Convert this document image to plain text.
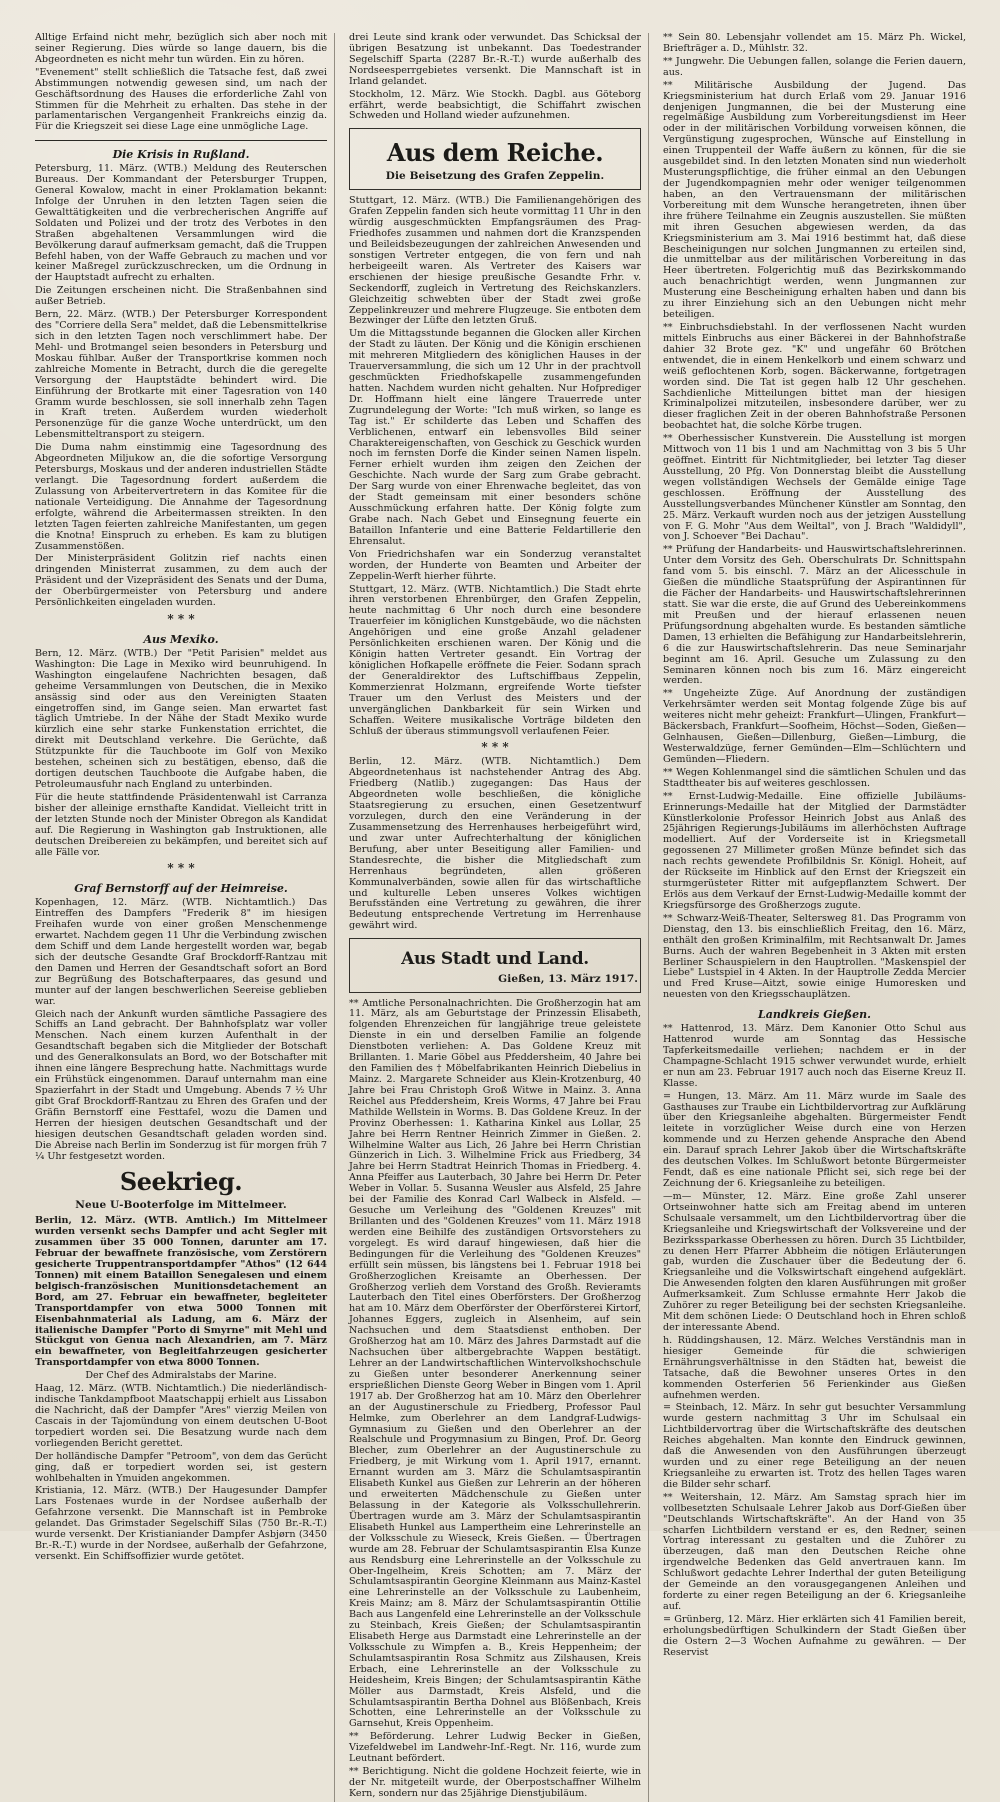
Alltige Erfaind nicht mehr, bezüglich sich aber noch mit seiner Regierung. Dies würde so lange dauern, bis die Abgeordneten es nicht mehr tun würden. Ein zu hören.

"Evenement" stellt schließlich die Tatsache fest, daß zwei Abstimmungen notwendig gewesen sind, um nach der Geschäftsordnung des Hauses die erforderliche Zahl von Stimmen für die Mehrheit zu erhalten. Das stehe in der parlamentarischen Vergangenheit Frankreichs einzig da. Für die Kriegszeit sei diese Lage eine unmögliche Lage.

Die Krisis in Rußland.

Petersburg, 11. März. (WTB.) Meldung des Reuterschen Bureaus. Der Kommandant der Petersburger Truppen, General Kowalow, macht in einer Proklamation bekannt: Infolge der Unruhen in den letzten Tagen seien die Gewalttätigkeiten und die verbrecherischen Angriffe auf Soldaten und Polizei und der trotz des Verbotes in den Straßen abgehaltenen Versammlungen wird die Bevölkerung darauf aufmerksam gemacht, daß die Truppen Befehl haben, von der Waffe Gebrauch zu machen und vor keiner Maßregel zurückzuschrecken, um die Ordnung in der Hauptstadt aufrecht zu erhalten.

Die Zeitungen erscheinen nicht. Die Straßenbahnen sind außer Betrieb.

Bern, 22. März. (WTB.) Der Petersburger Korrespondent des "Corriere della Sera" meldet, daß die Lebensmittelkrise sich in den letzten Tagen noch verschlimmert habe. Der Mehl- und Brotmangel seien besonders in Petersburg und Moskau fühlbar. Außer der Transportkrise kommen noch zahlreiche Momente in Betracht, durch die die geregelte Versorgung der Hauptstädte behindert wird. Die Einführung der Brotkarte mit einer Tagesration von 140 Gramm wurde beschlossen, sie soll innerhalb zehn Tagen in Kraft treten. Außerdem wurden wiederholt Personenzüge für die ganze Woche unterdrückt, um den Lebensmitteltransport zu steigern.

Die Duma nahm einstimmig eine Tagesordnung des Abgeordneten Miljukow an, die die sofortige Versorgung Petersburgs, Moskaus und der anderen industriellen Städte verlangt. Die Tagesordnung fordert außerdem die Zulassung von Arbeitervertretern in das Komitee für die nationale Verteidigung. Die Annahme der Tagesordnung erfolgte, während die Arbeitermassen streikten. In den letzten Tagen feierten zahlreiche Manifestanten, um gegen die Knotna! Einspruch zu erheben. Es kam zu blutigen Zusammenstößen.

Der Ministerpräsident Golitzin rief nachts einen dringenden Ministerrat zusammen, zu dem auch der Präsident und der Vizepräsident des Senats und der Duma, der Oberbürgermeister von Petersburg und andere Persönlichkeiten eingeladen wurden.

* * *
Aus Mexiko.

Bern, 12. März. (WTB.) Der "Petit Parisien" meldet aus Washington: Die Lage in Mexiko wird beunruhigend. In Washington eingelaufene Nachrichten besagen, daß geheime Versammlungen von Deutschen, die in Mexiko ansässig sind oder aus den Vereinigten Staaten eingetroffen sind, im Gange seien. Man erwartet fast täglich Umtriebe. In der Nähe der Stadt Mexiko wurde kürzlich eine sehr starke Funkenstation errichtet, die direkt mit Deutschland verkehre. Die Gerüchte, daß Stützpunkte für die Tauchboote im Golf von Mexiko bestehen, scheinen sich zu bestätigen, ebenso, daß die dortigen deutschen Tauchboote die Aufgabe haben, die Petroleumausfuhr nach England zu unterbinden.

Für die heute stattfindende Präsidentenwahl ist Carranza bisher der alleinige ernsthafte Kandidat. Vielleicht tritt in der letzten Stunde noch der Minister Obregon als Kandidat auf. Die Regierung in Washington gab Instruktionen, alle deutschen Dreibereien zu bekämpfen, und bereitet sich auf alle Fälle vor.

* * *
Graf Bernstorff auf der Heimreise.

Kopenhagen, 12. März. (WTB. Nichtamtlich.) Das Eintreffen des Dampfers "Frederik 8" im hiesigen Freihafen wurde von einer großen Menschenmenge erwartet. Nachdem gegen 11 Uhr die Verbindung zwischen dem Schiff und dem Lande hergestellt worden war, begab sich der deutsche Gesandte Graf Brockdorff-Rantzau mit den Damen und Herren der Gesandtschaft sofort an Bord zur Begrüßung des Botschafterpaares, das gesund und munter auf der langen beschwerlichen Seereise geblieben war.

Gleich nach der Ankunft wurden sämtliche Passagiere des Schiffs an Land gebracht. Der Bahnhofsplatz war voller Menschen. Nach einem kurzen Aufenthalt in der Gesandtschaft begaben sich die Mitglieder der Botschaft und des Generalkonsulats an Bord, wo der Botschafter mit ihnen eine längere Besprechung hatte. Nachmittags wurde ein Frühstück eingenommen. Darauf unternahm man eine Spazierfahrt in der Stadt und Umgebung. Abends 7 ½ Uhr gibt Graf Brockdorff-Rantzau zu Ehren des Grafen und der Gräfin Bernstorff eine Festtafel, wozu die Damen und Herren der hiesigen deutschen Gesandtschaft und der hiesigen deutschen Gesandtschaft geladen worden sind. Die Abreise nach Berlin im Sonderzug ist für morgen früh 7 ¼ Uhr festgesetzt worden.

Seekrieg.
Neue U-Booterfolge im Mittelmeer.

Berlin, 12. März. (WTB. Amtlich.) Im Mittelmeer wurden versenkt sechs Dampfer und acht Segler mit zusammen über 35 000 Tonnen, darunter am 17. Februar der bewaffnete französische, vom Zerstörern gesicherte Truppentransportdampfer "Athos" (12 644 Tonnen) mit einem Bataillon Senegalesen und einem belgisch-französischen Munitionsdetachement an Bord, am 27. Februar ein bewaffneter, begleiteter Transportdampfer von etwa 5000 Tonnen mit Eisenbahnmaterial als Ladung, am 6. März der italienische Dampfer "Porto di Smyrne" mit Mehl und Stückgut von Genua nach Alexandrien, am 7. März ein bewaffneter, von Begleitfahrzeugen gesicherter Transportdampfer von etwa 8000 Tonnen.

Der Chef des Admiralstabs der Marine.

Haag, 12. März. (WTB. Nichtamtlich.) Die niederländisch-indische Tankdampfboot Maatschappij erhielt aus Lissabon die Nachricht, daß der Dampfer "Ares" vierzig Meilen von Cascais in der Tajomündung von einem deutschen U-Boot torpediert worden sei. Die Besatzung wurde nach dem vorliegenden Bericht gerettet.

Der holländische Dampfer "Petroom", von dem das Gerücht ging, daß er torpediert worden sei, ist gestern wohlbehalten in Ymuiden angekommen.

Kristiania, 12. März. (WTB.) Der Haugesunder Dampfer Lars Fostenaes wurde in der Nordsee außerhalb der Gefahrzone versenkt. Die Mannschaft ist in Pembroke gelandet. Das Grimstader Segelschiff Silas (750 Br.-R.-T.) wurde versenkt. Der Kristianiander Dampfer Asbjørn (3450 Br.-R.-T.) wurde in der Nordsee, außerhalb der Gefahrzone, versenkt. Ein Schiffsoffizier wurde getötet.

drei Leute sind krank oder verwundet. Das Schicksal der übrigen Besatzung ist unbekannt. Das Toedestrander Segelschiff Sparta (2287 Br.-R.-T.) wurde außerhalb des Nordseesperrgebietes versenkt. Die Mannschaft ist in Irland gelandet.

Stockholm, 12. März. Wie Stockh. Dagbl. aus Göteborg erfährt, werde beabsichtigt, die Schiffahrt zwischen Schweden und Holland wieder aufzunehmen.

Aus dem Reiche.
Die Beisetzung des Grafen Zeppelin.

Stuttgart, 12. März. (WTB.) Die Familienangehörigen des Grafen Zeppelin fanden sich heute vormittag 11 Uhr in den würdig ausgeschmückten Empfangsräumen des Prag-Friedhofes zusammen und nahmen dort die Kranzspenden und Beileidsbezeugungen der zahlreichen Anwesenden und sonstigen Vertreter entgegen, die von fern und nah herbeigeeilt waren. Als Vertreter des Kaisers war erschienen der hiesige preußische Gesandte Frhr. v. Seckendorff, zugleich in Vertretung des Reichskanzlers. Gleichzeitig schwebten über der Stadt zwei große Zeppelinkreuzer und mehrere Flugzeuge. Sie entboten dem Bezwinger der Lüfte den letzten Gruß.

Um die Mittagsstunde begannen die Glocken aller Kirchen der Stadt zu läuten. Der König und die Königin erschienen mit mehreren Mitgliedern des königlichen Hauses in der Trauerversammlung, die sich um 12 Uhr in der prachtvoll geschmückten Friedhofskapelle zusammengefunden hatten. Nachdem wurden nicht gehalten. Nur Hofprediger Dr. Hoffmann hielt eine längere Trauerrede unter Zugrundelegung der Worte: "Ich muß wirken, so lange es Tag ist." Er schilderte das Leben und Schaffen des Verblichenen, entwarf ein lebensvolles Bild seiner Charaktereigenschaften, von Geschick zu Geschick wurden noch im fernsten Dorfe die Kinder seinen Namen lispeln. Ferner erhielt wurden ihm zeigen den Zeichen der Geschichte. Nach wurde der Sarg zum Grabe gebracht. Der Sarg wurde von einer Ehrenwache begleitet, das von der Stadt gemeinsam mit einer besonders schöne Ausschmückung erfahren hatte. Der König folgte zum Grabe nach. Nach Gebet und Einsegnung feuerte ein Bataillon Infanterie und eine Batterie Feldartillerie den Ehrensalut.

Von Friedrichshafen war ein Sonderzug veranstaltet worden, der Hunderte von Beamten und Arbeiter der Zeppelin-Werft hierher führte.

Stuttgart, 12. März. (WTB. Nichtamtlich.) Die Stadt ehrte ihren verstorbenen Ehrenbürger, den Grafen Zeppelin, heute nachmittag 6 Uhr noch durch eine besondere Trauerfeier im königlichen Kunstgebäude, wo die nächsten Angehörigen und eine große Anzahl geladener Persönlichkeiten erschienen waren. Der König und die Königin hatten Vertreter gesandt. Ein Vortrag der königlichen Hofkapelle eröffnete die Feier. Sodann sprach der Generaldirektor des Luftschiffbaus Zeppelin, Kommerzienrat Holzmann, ergreifende Worte tiefster Trauer um den Verlust des Meisters und der unvergänglichen Dankbarkeit für sein Wirken und Schaffen. Weitere musikalische Vorträge bildeten den Schluß der überaus stimmungsvoll verlaufenen Feier.

* * *

Berlin, 12. März. (WTB. Nichtamtlich.) Dem Abgeordnetenhaus ist nachstehender Antrag des Abg. Friedberg (Natlib.) zugegangen: Das Haus der Abgeordneten wolle beschließen, die königliche Staatsregierung zu ersuchen, einen Gesetzentwurf vorzulegen, durch den eine Veränderung in der Zusammensetzung des Herrenhauses herbeigeführt wird, und zwar unter Aufrechterhaltung der königlichen Berufung, aber unter Beseitigung aller Familien- und Standesrechte, die bisher die Mitgliedschaft zum Herrenhaus begründeten, allen größeren Kommunalverbänden, sowie allen für das wirtschaftliche und kulturelle Leben unseres Volkes wichtigen Berufsständen eine Vertretung zu gewähren, die ihrer Bedeutung entsprechende Vertretung im Herrenhause gewährt wird.

Aus Stadt und Land.
Gießen, 13. März 1917.

** Amtliche Personalnachrichten. Die Großherzogin hat am 11. März, als am Geburtstage der Prinzessin Elisabeth, folgenden Ehrenzeichen für langjährige treue geleistete Dienste in ein und derselben Familie an folgende Dienstboten verliehen: A. Das Goldene Kreuz mit Brillanten. 1. Marie Göbel aus Pfeddersheim, 40 Jahre bei den Familien des † Möbelfabrikanten Heinrich Diebelius in Mainz. 2. Margarete Schneider aus Klein-Krotzenburg, 40 Jahre bei Frau Christoph Groß Witwe in Mainz. 3. Anna Reichel aus Pfeddersheim, Kreis Worms, 47 Jahre bei Frau Mathilde Wellstein in Worms. B. Das Goldene Kreuz. In der Provinz Oberhessen: 1. Katharina Kinkel aus Lollar, 25 Jahre bei Herrn Rentner Heinrich Zimmer in Gießen. 2. Wilhelmine Walter aus Lich, 26 Jahre bei Herrn Christian Günzerich in Lich. 3. Wilhelmine Frick aus Friedberg, 34 Jahre bei Herrn Stadtrat Heinrich Thomas in Friedberg. 4. Anna Pfeiffer aus Lauterbach, 30 Jahre bei Herrn Dr. Peter Weber in Vollar. 5. Susanna Weusler aus Alsfeld, 25 Jahre bei der Familie des Konrad Carl Walbeck in Alsfeld. — Gesuche um Verleihung des "Goldenen Kreuzes" mit Brillanten und des "Goldenen Kreuzes" vom 11. März 1918 werden eine Beihilfe des zuständigen Ortsvorstehers zu vorgelegt. Es wird darauf hingewiesen, daß hier die Bedingungen für die Verleihung des "Goldenen Kreuzes" erfüllt sein müssen, bis längstens bei 1. Februar 1918 bei Großherzoglichen Kreisamte an Oberhessen. Der Großherzog verlieh dem Vorstand des Großh. Revieramts Lauterbach den Titel eines Oberförsters. Der Großherzog hat am 10. März dem Oberförster der Oberförsterei Kirtorf, Johannes Eggers, zugleich in Alsenheim, auf sein Nachsuchen und dem Staatsdienst enthoben. Der Großherzog hat am 10. März des Jahres Darmstadt auf die Nachsuchen über altbergebrachte Wappen bestätigt. Lehrer an der Landwirtschaftlichen Wintervolkshochschule zu Gießen unter besonderer Anerkennung seiner ersprießlichen Dienste Georg Weber in Bingen vom 1. April 1917 ab. Der Großherzog hat am 10. März den Oberlehrer an der Augustinerschule zu Friedberg, Professor Paul Helmke, zum Oberlehrer an dem Landgraf-Ludwigs-Gymnasium zu Gießen und den Oberlehrer an der Realschule und Progymnasium zu Bingen, Prof. Dr. Georg Blecher, zum Oberlehrer an der Augustinerschule zu Friedberg, je mit Wirkung vom 1. April 1917, ernannt. Ernannt wurden am 3. März die Schulamtsaspirantin Elisabeth Kunkel aus Gießen zur Lehrerin an der höheren und erweiterten Mädchenschule zu Gießen unter Belassung in der Kategorie als Volksschullehrerin. Übertragen wurde am 3. März der Schulamtsaspirantin Elisabeth Hunkel aus Lampertheim eine Lehrerinstelle an der Volksschule zu Wieseck, Kreis Gießen. — Übertragen wurde am 28. Februar der Schulamtsaspirantin Elsa Kunze aus Rendsburg eine Lehrerinstelle an der Volksschule zu Ober-Ingelheim, Kreis Schotten; am 7. März der Schulamtsaspirantin Georgine Kleinmann aus Mainz-Kastel eine Lehrerinstelle an der Volksschule zu Laubenheim, Kreis Mainz; am 8. März der Schulamtsaspirantin Ottilie Bach aus Langenfeld eine Lehrerinstelle an der Volksschule zu Steinbach, Kreis Gießen; der Schulamtsaspirantin Elisabeth Herge aus Darmstadt eine Lehrerinstelle an der Volksschule zu Wimpfen a. B., Kreis Heppenheim; der Schulamtsaspirantin Rosa Schmitz aus Zilshausen, Kreis Erbach, eine Lehrerinstelle an der Volksschule zu Heidesheim, Kreis Bingen; der Schulamtsaspirantin Käthe Möller aus Darmstadt, Kreis Alsfeld, und die Schulamtsaspirantin Bertha Dohnel aus Blößenbach, Kreis Schotten, eine Lehrerinstelle an der Volksschule zu Garnsehut, Kreis Oppenheim.

** Beförderung. Lehrer Ludwig Becker in Gießen, Vizefeldwebel im Landwehr-Inf.-Regt. Nr. 116, wurde zum Leutnant befördert.

** Berichtigung. Nicht die goldene Hochzeit feierte, wie in der Nr. mitgeteilt wurde, der Oberpostschaffner Wilhelm Kern, sondern nur das 25jährige Dienstjubiläum.

** Sein 80. Lebensjahr vollendet am 15. März Ph. Wickel, Briefträger a. D., Mühlstr. 32.

** Jungwehr. Die Uebungen fallen, solange die Ferien dauern, aus.

** Militärische Ausbildung der Jugend. Das Kriegsministerium hat durch Erlaß vom 29. Januar 1916 denjenigen Jungmannen, die bei der Musterung eine regelmäßige Ausbildung zum Vorbereitungsdienst im Heer oder in der militärischen Vorbildung vorweisen können, die Vergünstigung zugesprochen, Wünsche auf Einstellung in einen Truppenteil der Waffe äußern zu können, für die sie ausgebildet sind. In den letzten Monaten sind nun wiederholt Musterungspflichtige, die früher einmal an den Uebungen der Jugendkompagnien mehr oder weniger teilgenommen haben, an den Vertrauensmann der militärischen Vorbereitung mit dem Wunsche herangetreten, ihnen über ihre frühere Teilnahme ein Zeugnis auszustellen. Sie müßten mit ihren Gesuchen abgewiesen werden, da das Kriegsministerium am 3. Mai 1916 bestimmt hat, daß diese Bescheinigungen nur solchen Jungmannen zu erteilen sind, die unmittelbar aus der militärischen Vorbereitung in das Heer übertreten. Folgerichtig muß das Bezirkskommando auch benachrichtigt werden, wenn Jungmannen zur Musterung eine Bescheinigung erhalten haben und dann bis zu ihrer Einziehung sich an den Uebungen nicht mehr beteiligen.

** Einbruchsdiebstahl. In der verflossenen Nacht wurden mittels Einbruchs aus einer Bäckerei in der Bahnhofstraße dahier 32 Brote gez. "K" und ungefähr 60 Brötchen entwendet, die in einem Henkelkorb und einem schwarz und weiß geflochtenen Korb, sogen. Bäckerwanne, fortgetragen worden sind. Die Tat ist gegen halb 12 Uhr geschehen. Sachdienliche Mitteilungen bittet man der hiesigen Kriminalpolizei mitzuteilen, insbesondere darüber, wer zu dieser fraglichen Zeit in der oberen Bahnhofstraße Personen beobachtet hat, die solche Körbe trugen.

** Oberhessischer Kunstverein. Die Ausstellung ist morgen Mittwoch von 11 bis 1 und am Nachmittag von 3 bis 5 Uhr geöffnet. Eintritt für Nichtmitglieder, bei letzter Tag dieser Ausstellung, 20 Pfg. Von Donnerstag bleibt die Ausstellung wegen vollständigen Wechsels der Gemälde einige Tage geschlossen. Eröffnung der Ausstellung des Ausstellungsverbandes Münchener Künstler am Sonntag, den 25. März. Verkauft wurden noch aus der jetzigen Ausstellung von F. G. Mohr "Aus dem Weiltal", von J. Brach "Waldidyll", von J. Schoever "Bei Dachau".

** Prüfung der Handarbeits- und Hauswirtschaftslehrerinnen. Unter dem Vorsitz des Geh. Oberschulrats Dr. Schnittspahn fand vom 5. bis einschl. 7. März an der Alicesschule in Gießen die mündliche Staatsprüfung der Aspirantinnen für die Fächer der Handarbeits- und Hauswirtschaftslehrerinnen statt. Sie war die erste, die auf Grund des Uebereinkommens mit Preußen und der hierauf erlassenen neuen Prüfungsordnung abgehalten wurde. Es bestanden sämtliche Damen, 13 erhielten die Befähigung zur Handarbeitslehrerin, 6 die zur Hauswirtschaftslehrerin. Das neue Seminarjahr beginnt am 16. April. Gesuche um Zulassung zu den Seminaren können noch bis zum 16. März eingereicht werden.

** Ungeheizte Züge. Auf Anordnung der zuständigen Verkehrsämter werden seit Montag folgende Züge bis auf weiteres nicht mehr geheizt: Frankfurt—Ulingen, Frankfurt—Bäckersbach, Frankfurt—Soofheim, Höchst—Soden, Gießen—Gelnhausen, Gießen—Dillenburg, Gießen—Limburg, die Westerwaldzüge, ferner Gemünden—Elm—Schlüchtern und Gemünden—Fliedern.

** Wegen Kohlenmangel sind die sämtlichen Schulen und das Stadttheater bis auf weiteres geschlossen.

** Ernst-Ludwig-Medaille. Eine offizielle Jubiläums-Erinnerungs-Medaille hat der Mitglied der Darmstädter Künstlerkolonie Professor Heinrich Jobst aus Anlaß des 25jährigen Regierungs-Jubiläums im allerhöchsten Auftrage modelliert. Auf der Vorderseite ist in Kriegsmetall gegossenen 27 Millimeter großen Münze befindet sich das nach rechts gewendete Profilbildnis Sr. Königl. Hoheit, auf der Rückseite im Hinblick auf den Ernst der Kriegszeit ein sturmgerüsteter Ritter mit aufgepflanztem Schwert. Der Erlös aus dem Verkauf der Ernst-Ludwig-Medaille kommt der Kriegsfürsorge des Großherzogs zugute.

** Schwarz-Weiß-Theater, Seltersweg 81. Das Programm von Dienstag, den 13. bis einschließlich Freitag, den 16. März, enthält den großen Kriminalfilm, mit Rechtsanwalt Dr. James Burns. Auch der wahren Begebenheit in 3 Akten mit ersten Berliner Schauspielern in den Hauptrollen. "Maskenspiel der Liebe" Lustspiel in 4 Akten. In der Hauptrolle Zedda Mercier und Fred Kruse—Aitzt, sowie einige Humoresken und neuesten von den Kriegsschauplätzen.

Landkreis Gießen.

** Hattenrod, 13. März. Dem Kanonier Otto Schul aus Hattenrod wurde am Sonntag das Hessische Tapferkeitsmedaille verliehen; nachdem er in der Champagne-Schlacht 1915 schwer verwundet wurde, erhielt er nun am 23. Februar 1917 auch noch das Eiserne Kreuz II. Klasse.

= Hungen, 13. März. Am 11. März wurde im Saale des Gasthauses zur Traube ein Lichtbildervortrag zur Aufklärung über den Kriegsanleihe abgehalten. Bürgermeister Fendt leitete in vorzüglicher Weise durch eine von Herzen kommende und zu Herzen gehende Ansprache den Abend ein. Darauf sprach Lehrer Jakob über die Wirtschaftskräfte des deutschen Volkes. Im Schlußwort betonte Bürgermeister Fendt, daß es eine nationale Pflicht sei, sich rege bei der Zeichnung der 6. Kriegsanleihe zu beteiligen.

—m— Münster, 12. März. Eine große Zahl unserer Ortseinwohner hatte sich am Freitag abend im unteren Schulsaale versammelt, um den Lichtbildervortrag über die Kriegsanleihe und Kriegswirtschaft der Volksvereine und der Bezirkssparkasse Oberhessen zu hören. Durch 35 Lichtbilder, zu denen Herr Pfarrer Abbheim die nötigen Erläuterungen gab, wurden die Zuschauer über die Bedeutung der 6. Kriegsanleihe und die Volkswirtschaft eingehend aufgeklärt. Die Anwesenden folgten den klaren Ausführungen mit großer Aufmerksamkeit. Zum Schlusse ermahnte Herr Jakob die Zuhörer zu reger Beteiligung bei der sechsten Kriegsanleihe. Mit dem schönen Liede: O Deutschland hoch in Ehren schloß der interessante Abend.

h. Rüddingshausen, 12. März. Welches Verständnis man in hiesiger Gemeinde für die schwierigen Ernährungsverhältnisse in den Städten hat, beweist die Tatsache, daß die Bewohner unseres Ortes in den kommenden Osterferien 56 Ferienkinder aus Gießen aufnehmen werden.

= Steinbach, 12. März. In sehr gut besuchter Versammlung wurde gestern nachmittag 3 Uhr im Schulsaal ein Lichtbildervortrag über die Wirtschaftskräfte des deutschen Reiches abgehalten. Man konnte den Eindruck gewinnen, daß die Anwesenden von den Ausführungen überzeugt wurden und zu einer rege Beteiligung an der neuen Kriegsanleihe zu erwarten ist. Trotz des hellen Tages waren die Bilder sehr scharf.

** Weitershain, 12. März. Am Samstag sprach hier im vollbesetzten Schulsaale Lehrer Jakob aus Dorf-Gießen über "Deutschlands Wirtschaftskräfte". An der Hand von 35 scharfen Lichtbildern verstand er es, den Redner, seinen Vortrag interessant zu gestalten und die Zuhörer zu überzeugen, daß man den Deutschen Reiche ohne irgendwelche Bedenken das Geld anvertrauen kann. Im Schlußwort gedachte Lehrer Inderthal der guten Beteiligung der Gemeinde an den vorausgegangenen Anleihen und forderte zu einer regen Beteiligung an der 6. Kriegsanleihe auf.

= Grünberg, 12. März. Hier erklärten sich 41 Familien bereit, erholungsbedürftigen Schulkindern der Stadt Gießen über die Ostern 2—3 Wochen Aufnahme zu gewähren. — Der Reservist
